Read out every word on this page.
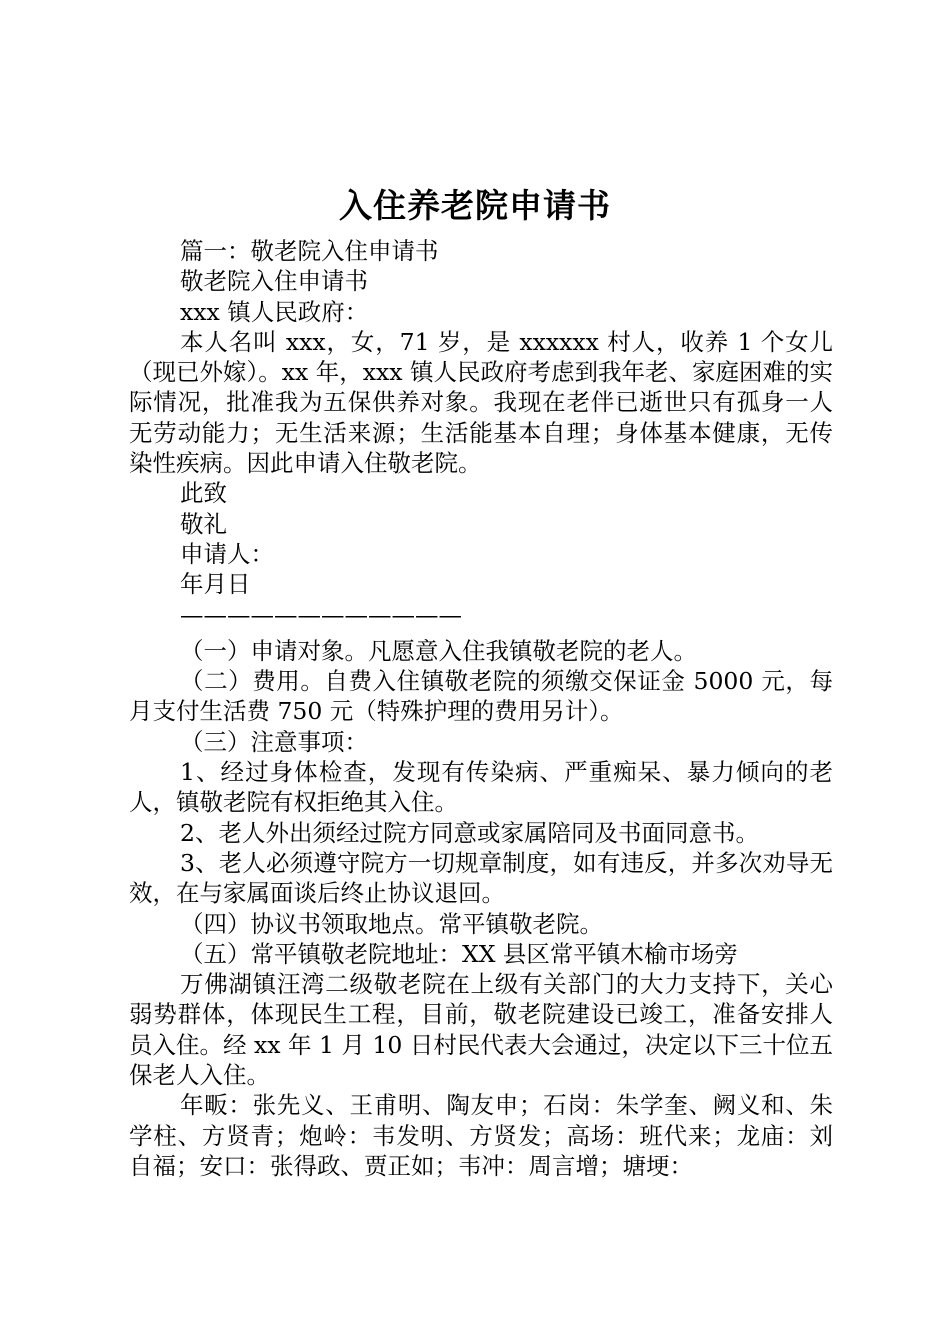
入住养老院申请书

篇一：敬老院入住申请书

敬老院入住申请书

xxx 镇人民政府：

本人名叫 xxx，女，71 岁，是 xxxxxx 村人，收养 1 个女儿（现已外嫁）。xx 年，xxx 镇人民政府考虑到我年老、家庭困难的实际情况，批准我为五保供养对象。我现在老伴已逝世只有孤身一人无劳动能力；无生活来源；生活能基本自理；身体基本健康，无传染性疾病。因此申请入住敬老院。

此致

敬礼

申请人：

年月日

————————————

（一）申请对象。凡愿意入住我镇敬老院的老人。

（二）费用。自费入住镇敬老院的须缴交保证金 5000 元，每月支付生活费 750 元（特殊护理的费用另计）。

（三）注意事项：

1、经过身体检查，发现有传染病、严重痴呆、暴力倾向的老人，镇敬老院有权拒绝其入住。

2、老人外出须经过院方同意或家属陪同及书面同意书。

3、老人必须遵守院方一切规章制度，如有违反，并多次劝导无效，在与家属面谈后终止协议退回。

（四）协议书领取地点。常平镇敬老院。

（五）常平镇敬老院地址：XX 县区常平镇木榆市场旁

万佛湖镇汪湾二级敬老院在上级有关部门的大力支持下，关心弱势群体，体现民生工程，目前，敬老院建设已竣工，准备安排人员入住。经 xx 年 1 月 10 日村民代表大会通过，决定以下三十位五保老人入住。

年畈：张先义、王甫明、陶友申；石岗：朱学奎、阙义和、朱学柱、方贤青；炮岭：韦发明、方贤发；高场：班代来；龙庙：刘自福；安口：张得政、贾正如；韦冲：周言增；塘埂：
